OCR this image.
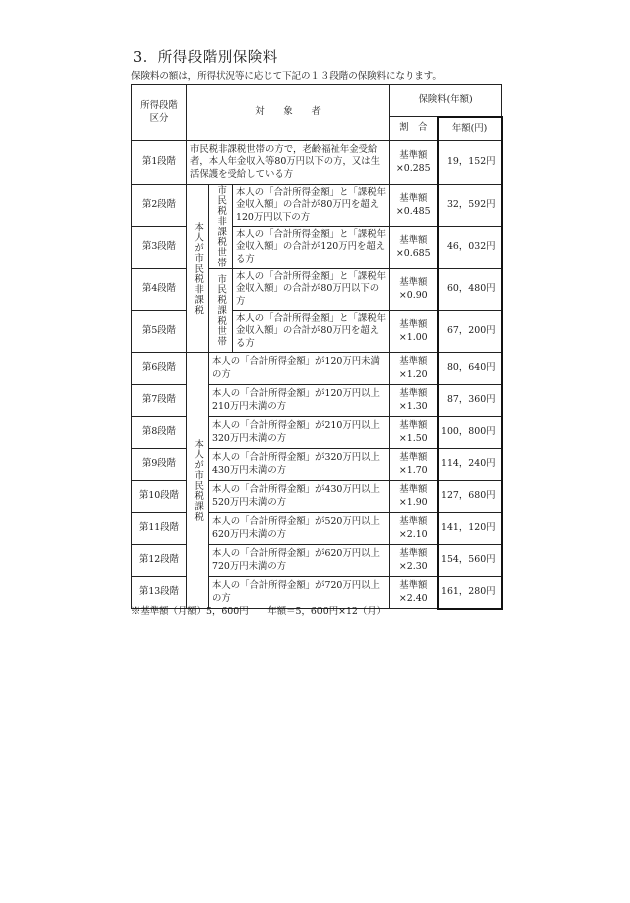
3．所得段階別保険料

保険料の額は，所得状況等に応じて下記の１３段階の保険料になります。

所得段階
区分	対　　象　　者			保険料(年額)	
				割　合	年額(円)
第1段階	市民税非課税世帯の方で，老齢福祉年金受給者，本人年金収入等80万円以下の方，又は生活保護を受給している方			基準額
×0.285	19，152円
第2段階	本人が市民税非課税	市民税非課税世帯	本人の「合計所得金額」と「課税年金収入額」の合計が80万円を超え120万円以下の方	基準額
×0.485	32，592円
第3段階			本人の「合計所得金額」と「課税年金収入額」の合計が120万円を超える方	基準額
×0.685	46，032円
第4段階		市民税課税世帯	本人の「合計所得金額」と「課税年金収入額」の合計が80万円以下の方	基準額
×0.90	60，480円
第5段階			本人の「合計所得金額」と「課税年金収入額」の合計が80万円を超える方	基準額
×1.00	67，200円
第6段階	本人が市民税課税	本人の「合計所得金額」が120万円未満の方		基準額
×1.20	80，640円
第7段階		本人の「合計所得金額」が120万円以上210万円未満の方		基準額
×1.30	87，360円
第8段階		本人の「合計所得金額」が210万円以上320万円未満の方		基準額
×1.50	100，800円
第9段階		本人の「合計所得金額」が320万円以上430万円未満の方		基準額
×1.70	114，240円
第10段階		本人の「合計所得金額」が430万円以上520万円未満の方		基準額
×1.90	127，680円
第11段階		本人の「合計所得金額」が520万円以上620万円未満の方		基準額
×2.10	141，120円
第12段階		本人の「合計所得金額」が620万円以上720万円未満の方		基準額
×2.30	154，560円
第13段階		本人の「合計所得金額」が720万円以上の方		基準額
×2.40	161，280円

※基準額（月額）5，600円　　年額＝5，600円×12（月）
